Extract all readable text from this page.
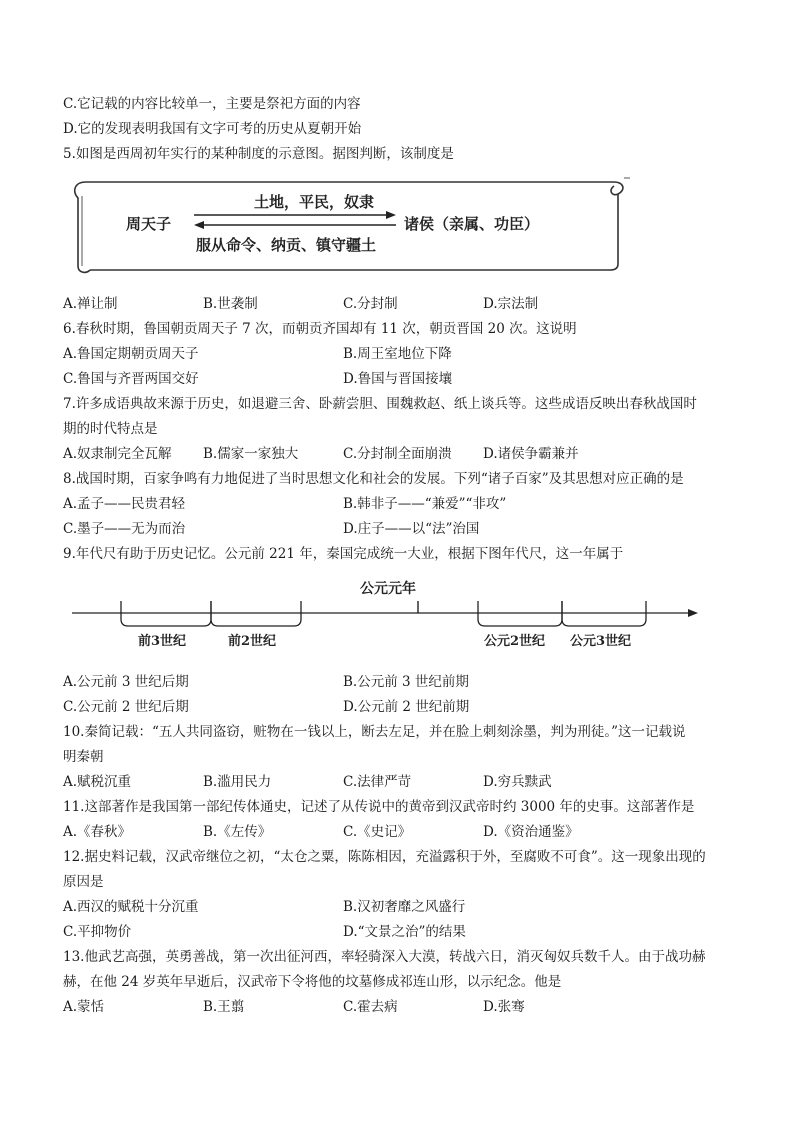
C.它记载的内容比较单一，主要是祭祀方面的内容
D.它的发现表明我国有文字可考的历史从夏朝开始
5.如图是西周初年实行的某种制度的示意图。据图判断，该制度是
周天子
土地，平民，奴隶
服从命令、纳贡、镇守疆土
诸侯（亲属、功臣）
A.禅让制	B.世袭制	C.分封制	D.宗法制
6.春秋时期，鲁国朝贡周天子 7 次，而朝贡齐国却有 11 次，朝贡晋国 20 次。这说明
A.鲁国定期朝贡周天子	B.周王室地位下降
C.鲁国与齐晋两国交好	D.鲁国与晋国接壤
7.许多成语典故来源于历史，如退避三舍、卧薪尝胆、围魏救赵、纸上谈兵等。这些成语反映出春秋战国时
期的时代特点是
A.奴隶制完全瓦解 B.儒家一家独大	C.分封制全面崩溃 D.诸侯争霸兼并
8.战国时期，百家争鸣有力地促进了当时思想文化和社会的发展。下列“诸子百家”及其思想对应正确的是
A.孟子——民贵君轻	B.韩非子——“兼爱”“非攻”
C.墨子——无为而治	D.庄子——以“法”治国
9.年代尺有助于历史记忆。公元前 221 年，秦国完成统一大业，根据下图年代尺，这一年属于
公元元年
前3世纪	前2世纪	公元2世纪 公元3世纪
A.公元前 3 世纪后期	B.公元前 3 世纪前期
C.公元前 2 世纪后期	D.公元前 2 世纪前期
10.秦简记载：“五人共同盗窃，赃物在一钱以上，断去左足，并在脸上刺刻涂墨，判为刑徒。”这一记载说
明秦朝
A.赋税沉重	B.滥用民力	C.法律严苛	D.穷兵黩武
11.这部著作是我国第一部纪传体通史，记述了从传说中的黄帝到汉武帝时约 3000 年的史事。这部著作是
A.《春秋》	B.《左传》	C.《史记》	D.《资治通鉴》
12.据史料记载，汉武帝继位之初，“太仓之粟，陈陈相因，充溢露积于外，至腐败不可食”。这一现象出现的
原因是
A.西汉的赋税十分沉重	B.汉初奢靡之风盛行
C.平抑物价	D.“文景之治”的结果
13.他武艺高强，英勇善战，第一次出征河西，率轻骑深入大漠，转战六日，消灭匈奴兵数千人。由于战功赫
赫，在他 24 岁英年早逝后，汉武帝下令将他的坟墓修成祁连山形，以示纪念。他是
A.蒙恬	B.王翦	C.霍去病	D.张骞
